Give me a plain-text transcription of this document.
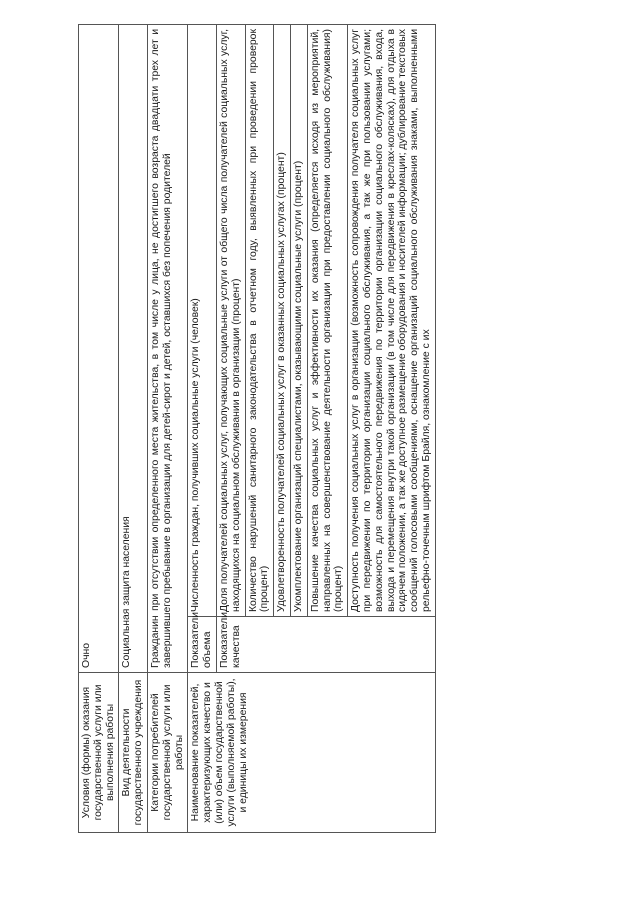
Условия (формы) оказания государственной услуги или выполнения работы	Очно	
Вид деятельности государственного учреждения	Социальная защита населения	
Категории потребителей государственной услуги или работы	Гражданин при отсутствии определенного места жительства, в том числе у лица, не достигшего возраста двадцати трех лет и завершившего пребывание в организации для детей-сирот и детей, оставшихся без попечения родителей	
Наименование показателей, характеризующих качество и (или) объем государственной услуги (выполняемой работы), и единицы их измерения	Показатели объема	Численность граждан, получивших социальные услуги (человек)
	Показатели качества	Доля получателей социальных услуг, получающих социальные услуги от общего числа получателей социальных услуг, находящихся на социальном обслуживании в организации (процент)
		Количество нарушений санитарного законодательства в отчетном году, выявленных при проведении проверок (процент)
		Удовлетворенность получателей социальных услуг в оказанных социальных услугах (процент)
		Укомплектование организаций специалистами, оказывающими социальные услуги (процент)
		Повышение качества социальных услуг и эффективности их оказания (определяется исходя из мероприятий, направленных на совершенствование деятельности организации при предоставлении социального обслуживания) (процент)
		Доступность получения социальных услуг в организации (возможность сопровождения получателя социальных услуг при передвижении по территории организации социального обслуживания, а так же при пользовании услугами; возможность для самостоятельного передвижения по территории организации социального обслуживания, входа, выхода и перемещения внутри такой организации (в том числе для передвижения в креслах-колясках), для отдыха в сидячем положении, а так же доступное размещение оборудования и носителей информации; дублирование текстовых сообщений голосовыми сообщениями, оснащение организаций социального обслуживания знаками, выполненными рельефно-точечным шрифтом Брайля, ознакомление с их
